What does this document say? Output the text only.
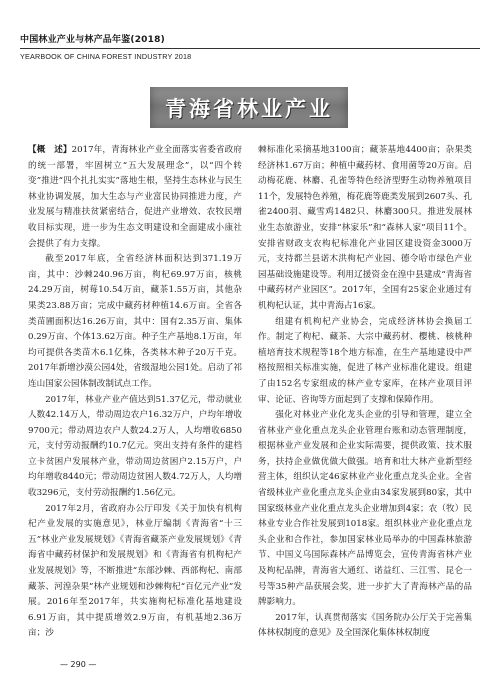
中国林业产业与林产品年鉴(2018)
YEARBOOK OF CHINA FOREST INDUSTRY 2018
青海省林业产业

【概　述】2017年，青海林业产业全面落实省委省政府的统一部署，牢固树立“五大发展理念”，以“四个转变”推进“四个扎扎实实”落地生根，坚持生态林业与民生林业协调发展，加大生态与产业富民协同推进力度，产业发展与精准扶贫紧密结合，促进产业增效、农牧民增收目标实现，进一步为生态文明建设和全面建成小康社会提供了有力支撑。

截至2017年底，全省经济林面积达到371.19万亩，其中：沙棘240.96万亩，枸杞69.97万亩，核桃24.29万亩，树莓10.54万亩，藏茶1.55万亩，其他杂果类23.88万亩；完成中藏药材种植14.6万亩。全省各类苗圃面积达16.26万亩，其中：国有2.35万亩、集体0.29万亩、个体13.62万亩。种子生产基地8.1万亩，年均可提供各类苗木6.1亿株，各类林木种子20万千克。2017年新增沙漠公园4处，省级湿地公园1处。启动了祁连山国家公园体制改制试点工作。

2017年，林业产业产值达到51.37亿元，带动就业人数42.14万人，带动周边农户16.32万户，户均年增收9700元；带动周边农户人数24.2万人，人均增收6850元，支付劳动报酬约10.7亿元。突出支持有条件的建档立卡贫困户发展林产业，带动周边贫困户2.15万户，户均年增收8440元；带动周边贫困人数4.72万人，人均增收3296元，支付劳动报酬约1.56亿元。

2017年2月，省政府办公厅印发《关于加快有机枸杞产业发展的实施意见》，林业厅编制《青海省“十三五”林业产业发展规划》《青海省藏茶产业发展规划》《青海省中藏药材保护和发展规划》和《青海省有机枸杞产业发展规划》等，不断推进“东部沙棘、西部枸杞、南部藏茶、河湟杂果”林产业规划和沙棘枸杞“百亿元产业”发展。2016年至2017年，共实施枸杞标准化基地建设6.91万亩，其中提质增效2.9万亩，有机基地2.36万亩；沙

棘标准化采摘基地3100亩；藏茶基地4400亩；杂果类经济林1.67万亩；种植中藏药材、食用菌等20万亩。启动梅花鹿、林麝、孔雀等特色经济型野生动物养殖项目11个，发展特色养殖，梅花鹿等鹿类发展到2607头、孔雀2400羽、藏雪鸡1482只、林麝300只。推进发展林业生态旅游业，安排“林家乐”和“森林人家”项目11个。安排省财政支农构杞标准化产业园区建设资金3000万元，支持都兰县诺木洪枸杞产业园、德令哈市绿色产业园基础设施建设等。利用辽援资金在湟中县建成“青海省中藏药材产业园区”。2017年，全国有25家企业通过有机枸杞认证，其中青海占16家。

组建有机枸杞产业协会，完成经济林协会换届工作。制定了枸杞、藏茶、大宗中藏药材、樱桃、核桃种植培育技术规程等18个地方标准，在生产基地建设中严格按照相关标准实施，促进了林产业标准化建设。组建了由152名专家组成的林产业专家库，在林产业项目评审、论证、咨询等方面起到了支撑和保障作用。

强化对林业产业化龙头企业的引导和管理，建立全省林业产业化重点龙头企业管理台账和动态管理制度，根据林业产业发展和企业实际需要，提供政策、技术服务，扶持企业做优做大做强。培育和壮大林产业新型经营主体，组织认定46家林业产业化重点龙头企业。全省省级林业产业化重点龙头企业由34家发展到80家，其中国家级林业产业化重点龙头企业增加到4家；农（牧）民林业专业合作社发展到1018家。组织林业产业化重点龙头企业和合作社，参加国家林业局举办的中国森林旅游节、中国义乌国际森林产品博览会，宣传青海省林产业及枸杞品牌，青海省大通红、诺益红、三江雪、昆仑一号等35种产品获展会奖，进一步扩大了青海林产品的品牌影响力。

2017年，认真贯彻落实《国务院办公厅关于完善集体林权制度的意见》及全国深化集体林权制度

— 290 —
